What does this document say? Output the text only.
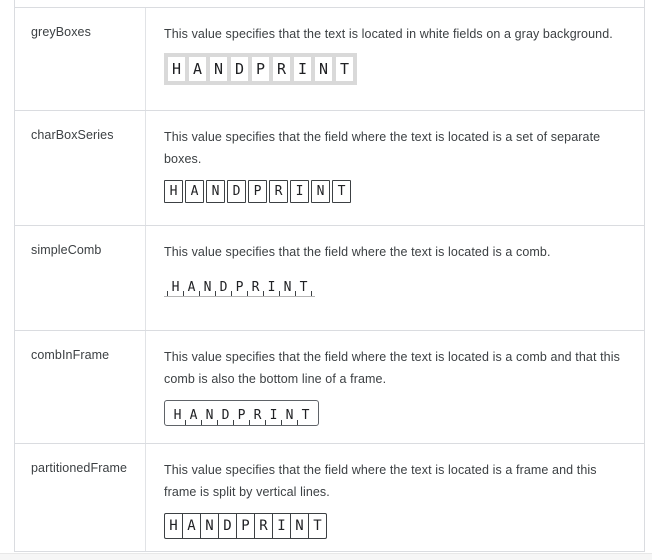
greyBoxes	This value specifies that the text is located in white fields on a gray background.
H A N D P R I N T
charBoxSeries	This value specifies that the field where the text is located is a set of separate boxes.
H	A	N	D	P	R	I	N	T
simpleComb	This value specifies that the field where the text is located is a comb.
H A N D P R I N T
combInFrame	This value specifies that the field where the text is located is a comb and that this comb is also the bottom line of a frame.
H A N D P R I N T
partitionedFrame	This value specifies that the field where the text is located is a frame and this frame is split by vertical lines.
H A N D P R I N T
